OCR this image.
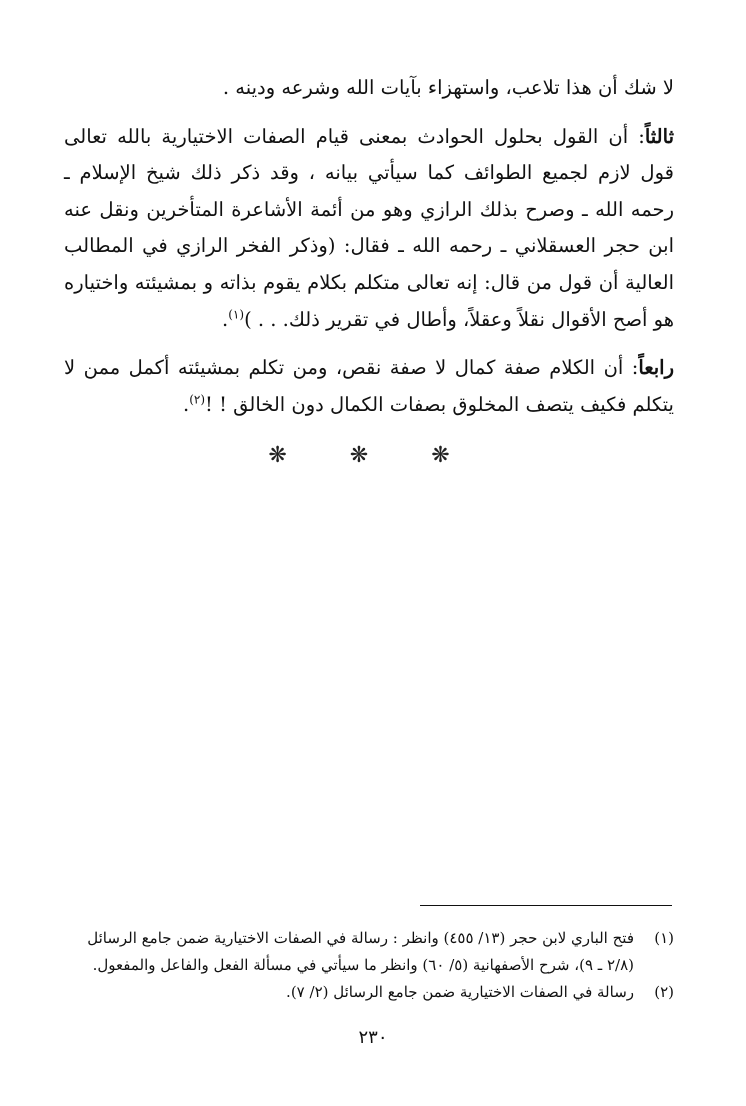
لا شك أن هذا تلاعب، واستهزاء بآيات الله وشرعه ودينه .

ثالثاً: أن القول بحلول الحوادث بمعنى قيام الصفات الاختيارية بالله تعالى قول لازم لجميع الطوائف كما سيأتي بيانه ، وقد ذكر ذلك شيخ الإسلام ـ رحمه الله ـ وصرح بذلك الرازي وهو من أئمة الأشاعرة المتأخرين ونقل عنه ابن حجر العسقلاني ـ رحمه الله ـ فقال: (وذكر الفخر الرازي في المطالب العالية أن قول من قال: إنه تعالى متكلم بكلام يقوم بذاته و بمشيئته واختياره هو أصح الأقوال نقلاً وعقلاً، وأطال في تقرير ذلك. . . )$^{(١)}$.

رابعاً: أن الكلام صفة كمال لا صفة نقص، ومن تكلم بمشيئته أكمل ممن لا يتكلم فكيف يتصف المخلوق بصفات الكمال دون الخالق ! !$^{(٢)}$.

❋ ❋ ❋
(١)
فتح الباري لابن حجر (١٣/ ٤٥٥) وانظر : رسالة في الصفات الاختيارية ضمن جامع الرسائل (٢/٨ ـ ٩)، شرح الأصفهانية (٥/ ٦٠) وانظر ما سيأتي في مسألة الفعل والفاعل والمفعول.
(٢)
رسالة في الصفات الاختيارية ضمن جامع الرسائل (٢/ ٧).
٢٣٠
